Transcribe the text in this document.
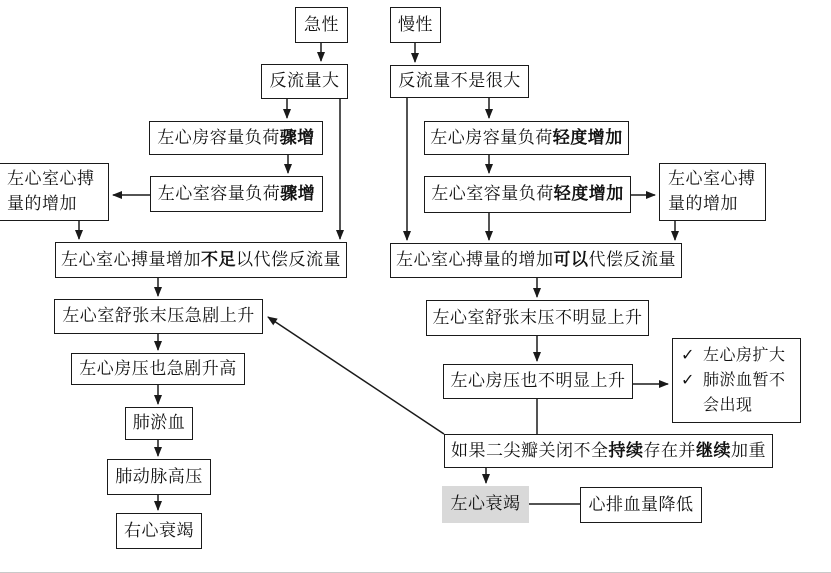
急性
反流量大
左心房容量负荷 骤增
左心室容量负荷 骤增
左心室心搏量的增加
左心室心搏量增加 不足 以代偿反流量
左心室舒张末压急剧上升
左心房压也急剧升高
肺淤血
肺动脉高压
右心衰竭
慢性
反流量不是很大
左心房容量负荷 轻度增加
左心室容量负荷 轻度增加
左心室心搏量的增加
左心室心搏量的增加 可以 代偿反流量
左心室舒张末压不明显上升
左心房压也不明显上升
✓ 左心房扩大
✓ 肺淤血暂不会出现
如果二尖瓣关闭不全 持续 存在并 继续 加重
左心衰竭	心排血量降低
